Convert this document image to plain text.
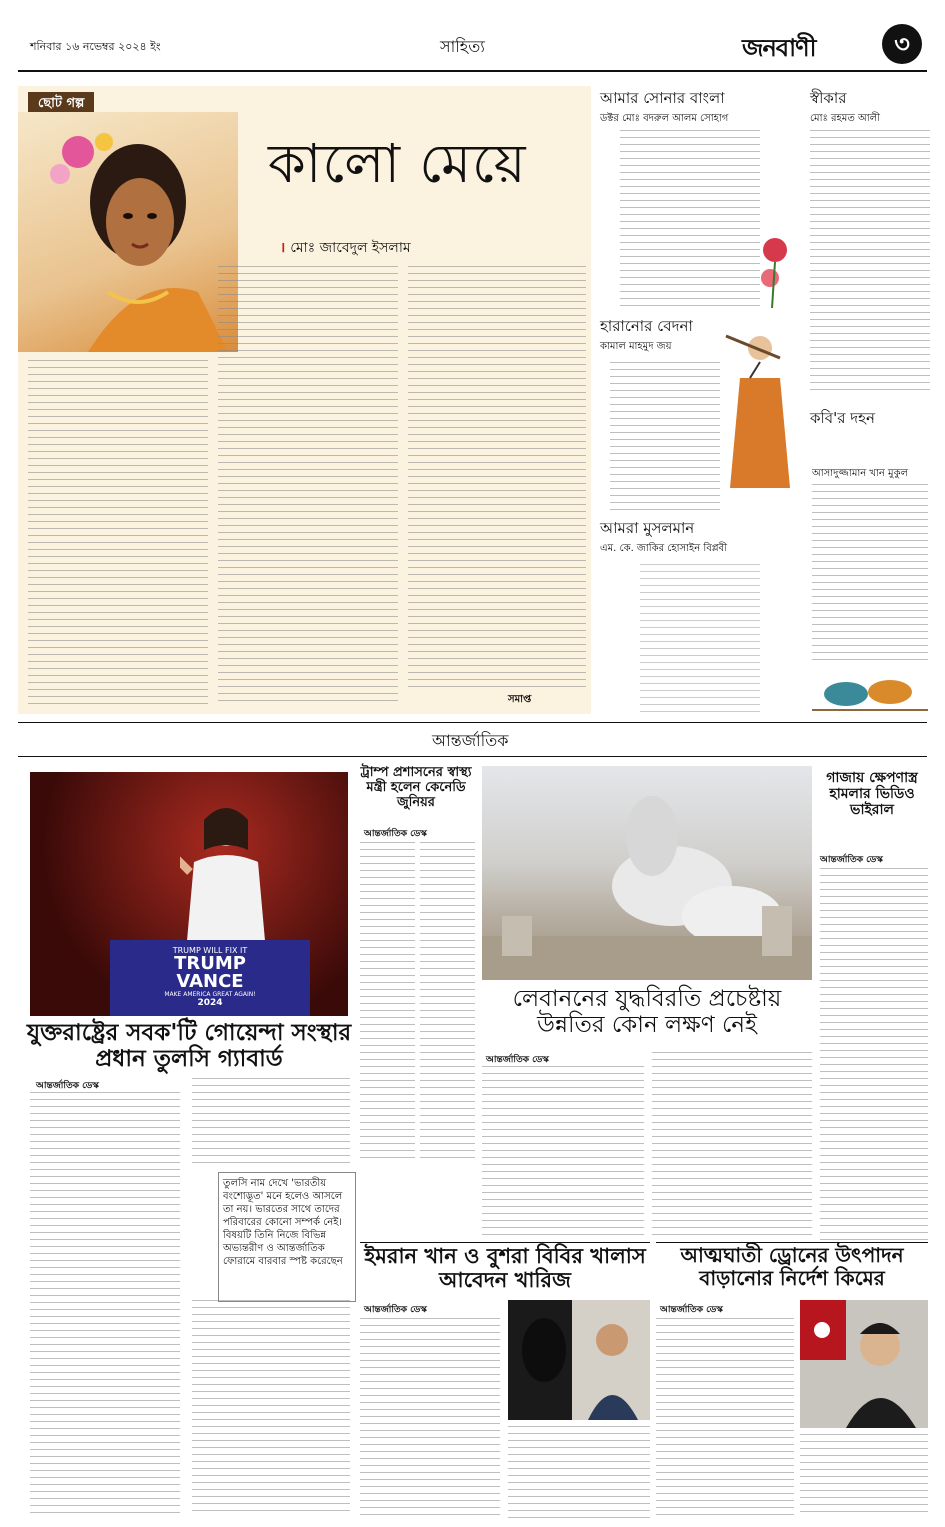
শনিবার ১৬ নভেম্বর ২০২৪ ইং	সাহিত্য	জনবাণী	৩
ছোট গল্প
কালো মেয়ে
। মোঃ জাবেদুল ইসলাম
সমাপ্ত
আমার সোনার বাংলা
ডক্টর মোঃ বদরুল আলম সোহাগ
স্বীকার
মোঃ রহমত আলী
হারানোর বেদনা
কামাল মাহমুদ জয়
কবি'র দহন
আসাদুজ্জামান খান মুকুল
আমরা মুসলমান
এম. কে. জাকির হোসাইন বিপ্লবী
আন্তর্জাতিক
TRUMP WILL FIX IT
TRUMP
VANCE
MAKE AMERICA GREAT AGAIN!
2024
যুক্তরাষ্ট্রের সবক'টি গোয়েন্দা সংস্থার প্রধান তুলসি গ্যাবার্ড
আন্তর্জাতিক ডেস্ক
তুলসি নাম দেখে 'ভারতীয় বংশোদ্ভূত' মনে হলেও আসলে তা নয়। ভারতের সাথে তাদের পরিবারের কোনো সম্পর্ক নেই। বিষয়টি তিনি নিজে বিভিন্ন অভ্যন্তরীণ ও আন্তর্জাতিক ফোরামে বারবার স্পষ্ট করেছেন
ট্রাম্প প্রশাসনের স্বাস্থ্য মন্ত্রী হলেন কেনেডি জুনিয়র
আন্তর্জাতিক ডেস্ক
লেবাননের যুদ্ধবিরতি প্রচেষ্টায় উন্নতির কোন লক্ষণ নেই
আন্তর্জাতিক ডেস্ক
গাজায় ক্ষেপণাস্ত্র হামলার ভিডিও ভাইরাল
আন্তর্জাতিক ডেস্ক
ইমরান খান ও বুশরা বিবির খালাস আবেদন খারিজ
আন্তর্জাতিক ডেস্ক
আত্মঘাতী ড্রোনের উৎপাদন বাড়ানোর নির্দেশ কিমের
আন্তর্জাতিক ডেস্ক
